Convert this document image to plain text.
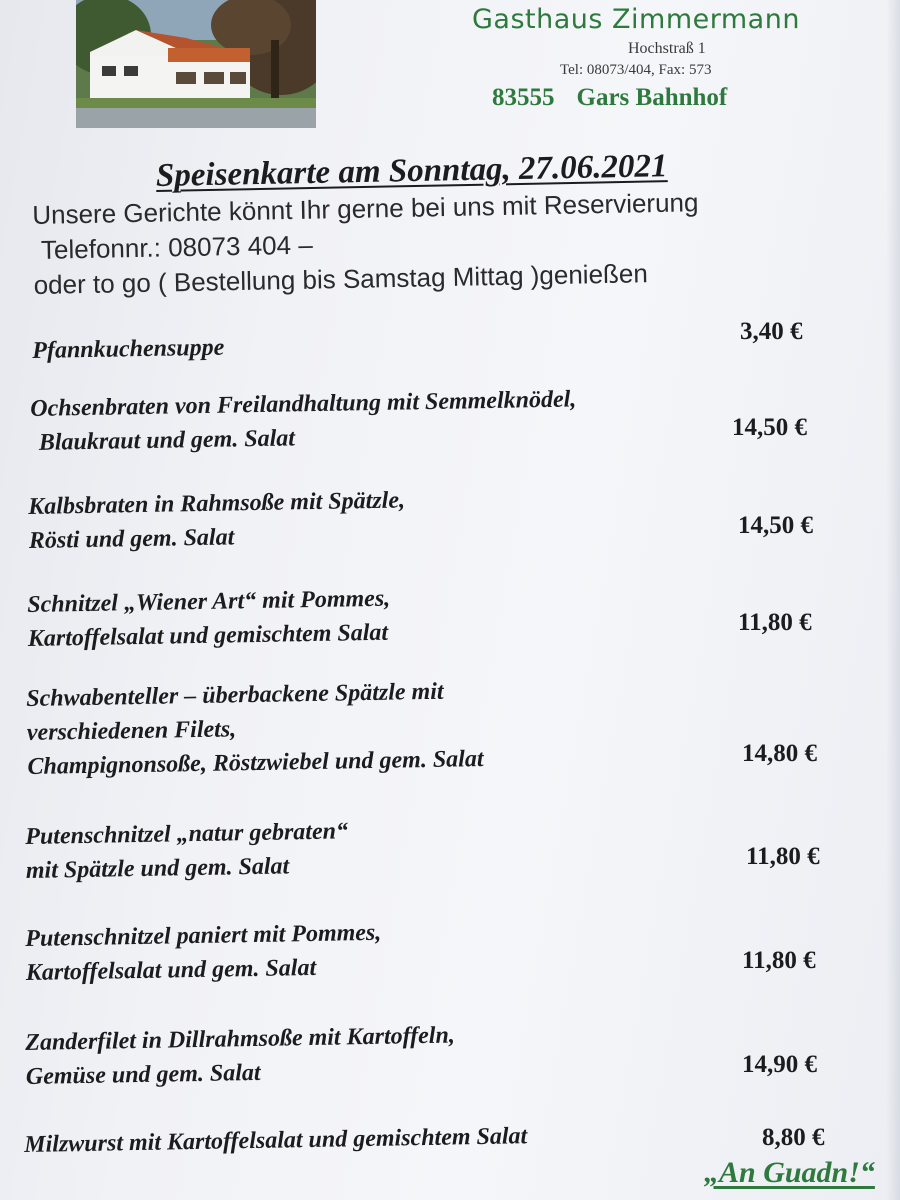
Gasthaus Zimmermann
Hochstraß 1
Tel: 08073/404, Fax: 573
83555 Gars Bahnhof
Speisenkarte am Sonntag, 27.06.2021
Unsere Gerichte könnt Ihr gerne bei uns mit Reservierung
Telefonnr.: 08073 404 –
oder to go ( Bestellung bis Samstag Mittag )genießen
Pfannkuchensuppe
3,40 €
Ochsenbraten von Freilandhaltung mit Semmelknödel,
Blaukraut und gem. Salat	14,50 €
Kalbsbraten in Rahmsoße mit Spätzle,
Rösti und gem. Salat	14,50 €
Schnitzel „Wiener Art“ mit Pommes,
Kartoffelsalat und gemischtem Salat	11,80 €
Schwabenteller – überbackene Spätzle mit
verschiedenen Filets,
Champignonsoße, Röstzwiebel und gem. Salat	14,80 €
Putenschnitzel „natur gebraten“
mit Spätzle und gem. Salat	11,80 €
Putenschnitzel paniert mit Pommes,
Kartoffelsalat und gem. Salat	11,80 €
Zanderfilet in Dillrahmsoße mit Kartoffeln,
Gemüse und gem. Salat	14,90 €
Milzwurst mit Kartoffelsalat und gemischtem Salat	8,80 €
„An Guadn!“
